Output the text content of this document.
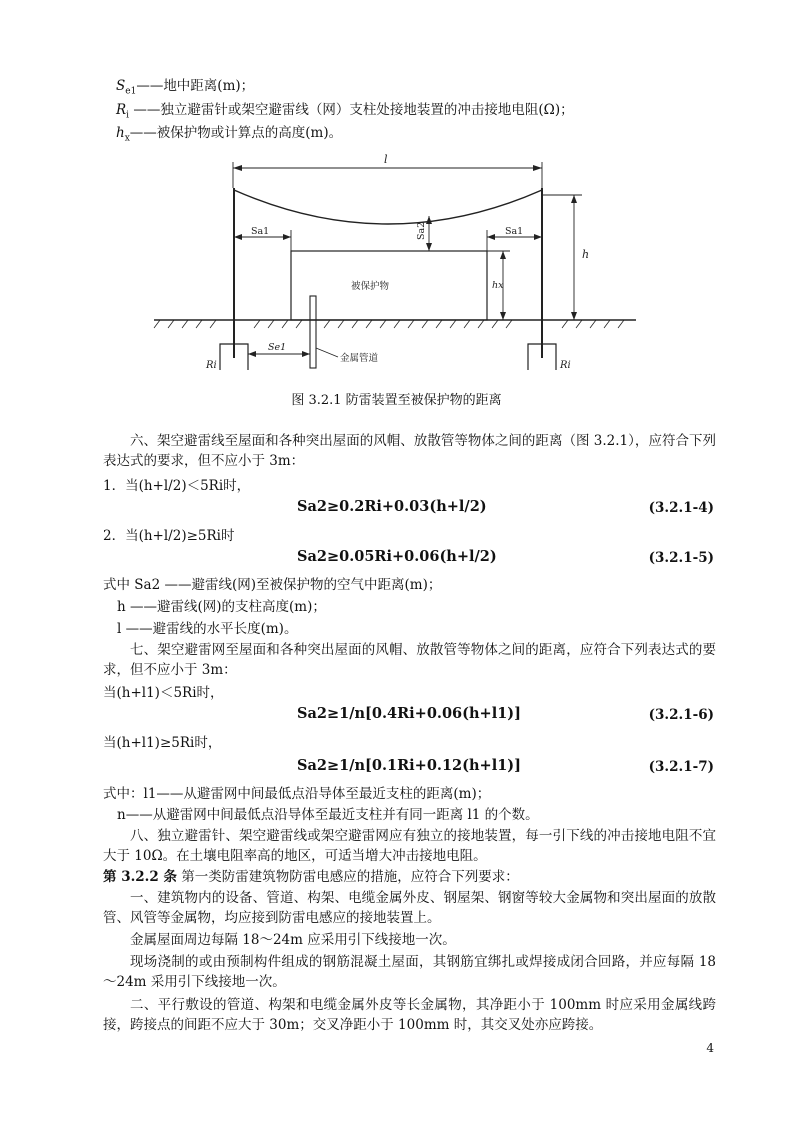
$S_{e1}——$地中距离(m)；
$R_i$ ——独立避雷针或架空避雷线（网）支柱处接地装置的冲击接地电阻(Ω)；
$h_x——$被保护物或计算点的高度(m)。
l
Sa1	Sa1
Sa2
h
hx
被保护物
金属管道
Se1
Ri	Ri
图 3.2.1 防雷装置至被保护物的距离
六、架空避雷线至屋面和各种突出屋面的风帽、放散管等物体之间的距离（图 3.2.1），应符合下列表达式的要求，但不应小于 3m：
1．当(h+l/2)＜5Ri时，
Sa2≥0.2Ri+0.03(h+l/2)	(3.2.1-4)
2．当(h+l/2)≥5Ri时
Sa2≥0.05Ri+0.06(h+l/2)	(3.2.1-5)
式中 Sa2 ——避雷线(网)至被保护物的空气中距离(m)；
h ——避雷线(网)的支柱高度(m)；
l ——避雷线的水平长度(m)。
七、架空避雷网至屋面和各种突出屋面的风帽、放散管等物体之间的距离，应符合下列表达式的要求，但不应小于 3m：
当(h+l1)＜5Ri时，
Sa2≥1/n[0.4Ri+0.06(h+l1)]	(3.2.1-6)
当(h+l1)≥5Ri时，
Sa2≥1/n[0.1Ri+0.12(h+l1)]	(3.2.1-7)
式中：l1——从避雷网中间最低点沿导体至最近支柱的距离(m)；
n——从避雷网中间最低点沿导体至最近支柱并有同一距离 l1 的个数。
八、独立避雷针、架空避雷线或架空避雷网应有独立的接地装置，每一引下线的冲击接地电阻不宜大于 10Ω。在土壤电阻率高的地区，可适当增大冲击接地电阻。
第 3.2.2 条 第一类防雷建筑物防雷电感应的措施，应符合下列要求：
一、建筑物内的设备、管道、构架、电缆金属外皮、钢屋架、钢窗等较大金属物和突出屋面的放散管、风管等金属物，均应接到防雷电感应的接地装置上。
金属屋面周边每隔 18～24m 应采用引下线接地一次。
现场浇制的或由预制构件组成的钢筋混凝土屋面，其钢筋宜绑扎或焊接成闭合回路，并应每隔 18～24m 采用引下线接地一次。
二、平行敷设的管道、构架和电缆金属外皮等长金属物，其净距小于 100mm 时应采用金属线跨接，跨接点的间距不应大于 30m；交叉净距小于 100mm 时，其交叉处亦应跨接。
4
